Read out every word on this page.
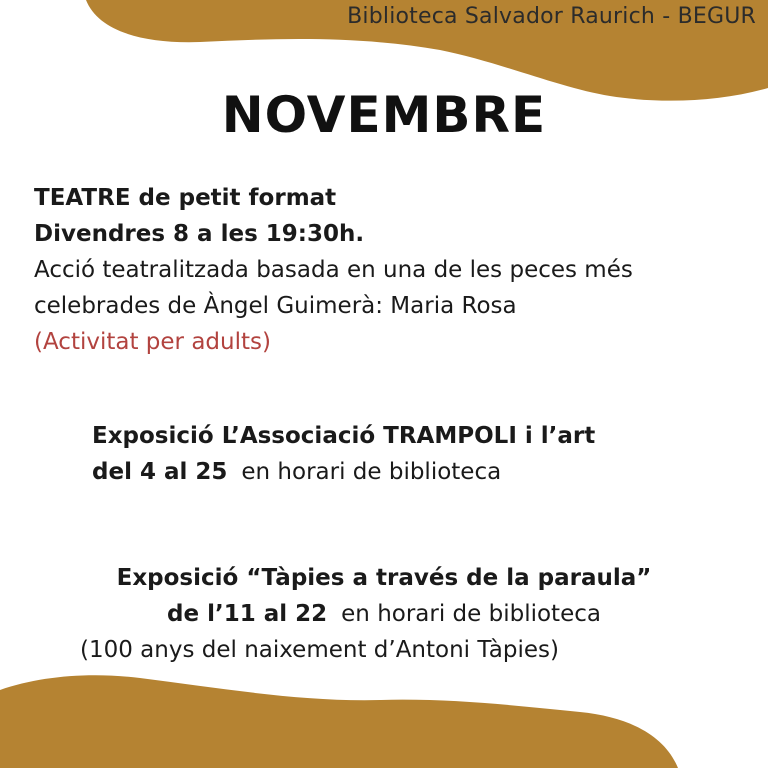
Biblioteca Salvador Raurich - BEGUR
NOVEMBRE
TEATRE de petit format
Divendres 8 a les 19:30h.
Acció teatralitzada basada en una de les peces més
celebrades de Àngel Guimerà: Maria Rosa
(Activitat per adults)
Exposició L’Associació TRAMPOLI i l’art
del 4 al 25 en horari de biblioteca
Exposició “Tàpies a través de la paraula”
de l’11 al 22 en horari de biblioteca
(100 anys del naixement d’Antoni Tàpies)
